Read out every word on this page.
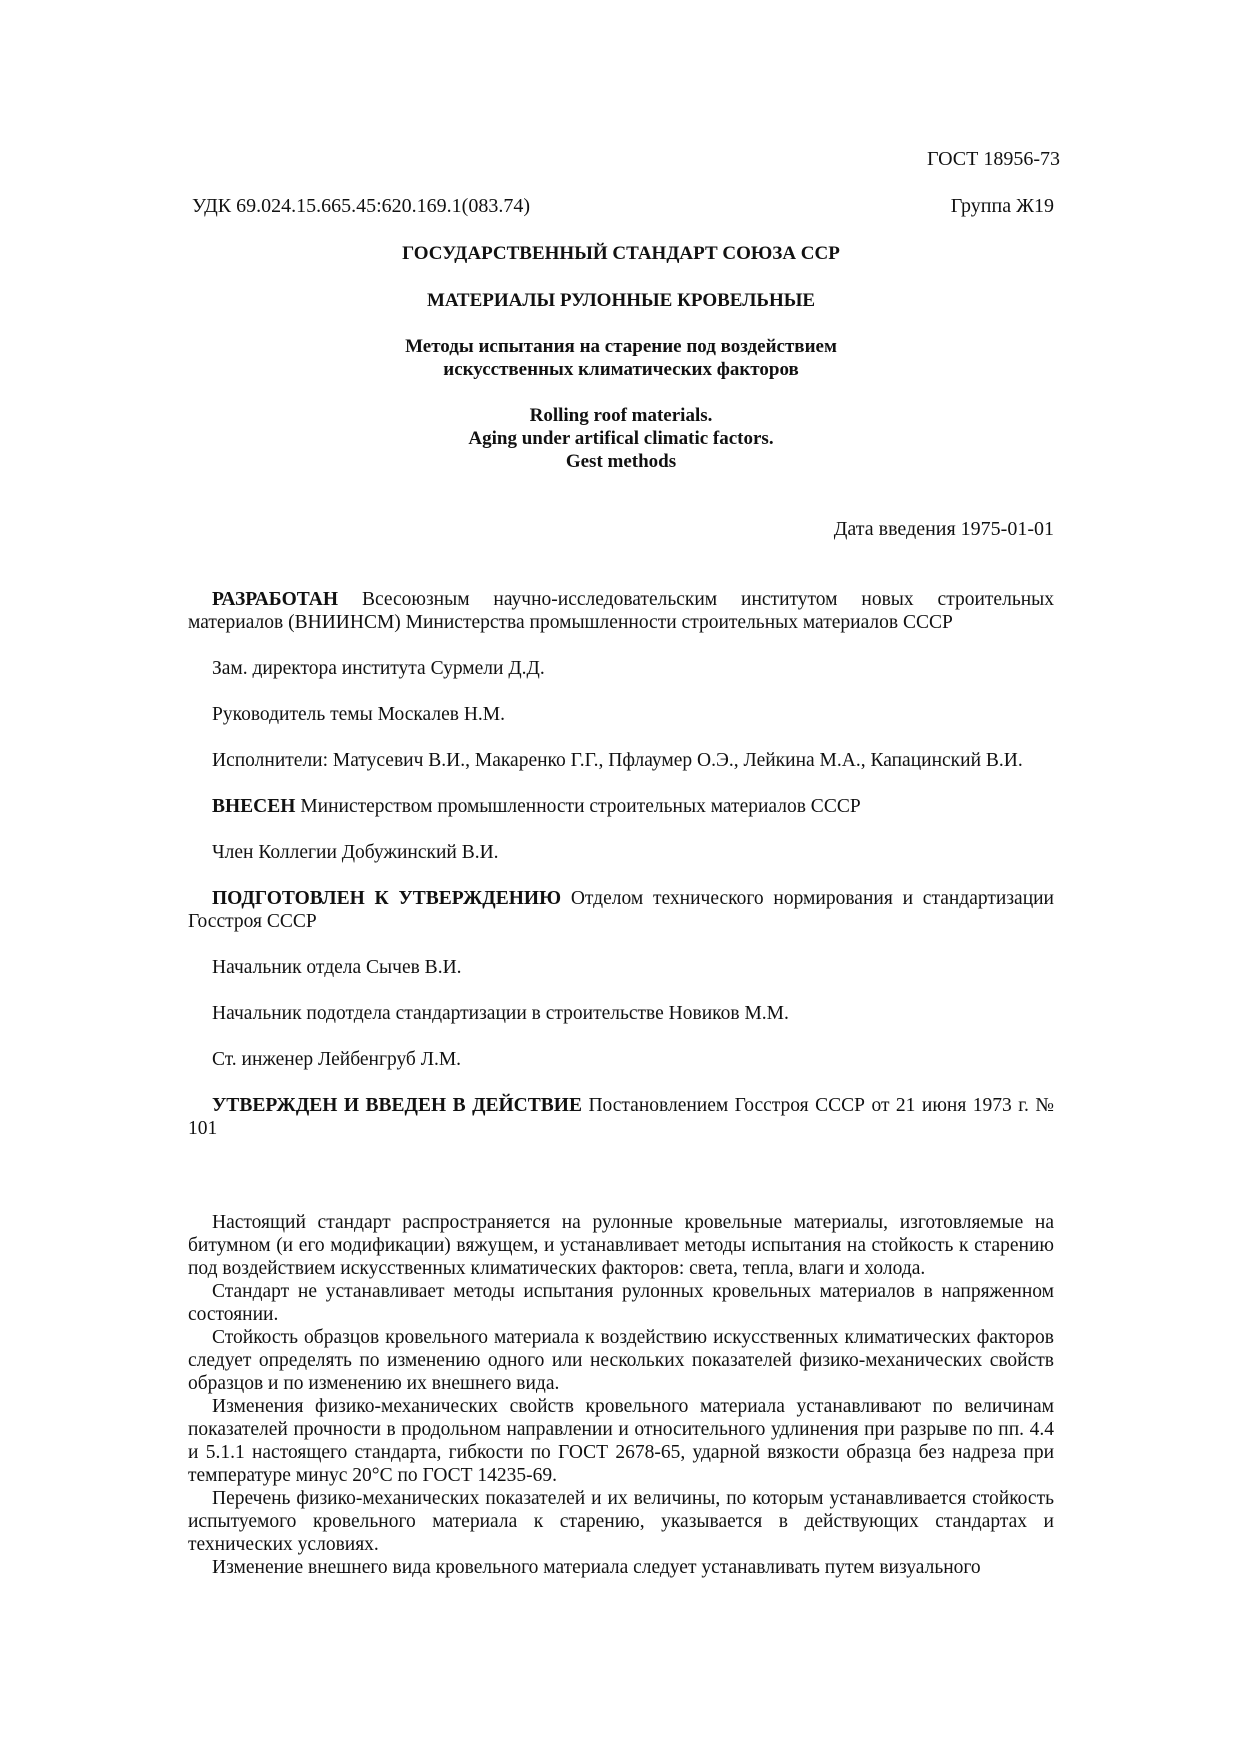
ГОСТ 18956-73
УДК 69.024.15.665.45:620.169.1(083.74)	Группа Ж19
ГОСУДАРСТВЕННЫЙ СТАНДАРТ СОЮЗА ССР
МАТЕРИАЛЫ РУЛОННЫЕ КРОВЕЛЬНЫЕ
Методы испытания на старение под воздействием
искусственных климатических факторов
Rolling roof materials.
Aging under artifical climatic factors.
Gest methods
Дата введения 1975-01-01

РАЗРАБОТАН Всесоюзным научно-исследовательским институтом новых строительных материалов (ВНИИНСМ) Министерства промышленности строительных материалов СССР

Зам. директора института Сурмели Д.Д.

Руководитель темы Москалев Н.М.

Исполнители: Матусевич В.И., Макаренко Г.Г., Пфлаумер О.Э., Лейкина М.А., Капацинский В.И.

ВНЕСЕН Министерством промышленности строительных материалов СССР

Член Коллегии Добужинский В.И.

ПОДГОТОВЛЕН К УТВЕРЖДЕНИЮ Отделом технического нормирования и стандартизации Госстроя СССР

Начальник отдела Сычев В.И.

Начальник подотдела стандартизации в строительстве Новиков М.М.

Ст. инженер Лейбенгруб Л.М.

УТВЕРЖДЕН И ВВЕДЕН В ДЕЙСТВИЕ Постановлением Госстроя СССР от 21 июня 1973 г. № 101

Настоящий стандарт распространяется на рулонные кровельные материалы, изготовляемые на битумном (и его модификации) вяжущем, и устанавливает методы испытания на стойкость к старению под воздействием искусственных климатических факторов: света, тепла, влаги и холода.

Стандарт не устанавливает методы испытания рулонных кровельных материалов в напряженном состоянии.

Стойкость образцов кровельного материала к воздействию искусственных климатических факторов следует определять по изменению одного или нескольких показателей физико-механических свойств образцов и по изменению их внешнего вида.

Изменения физико-механических свойств кровельного материала устанавливают по величинам показателей прочности в продольном направлении и относительного удлинения при разрыве по пп. 4.4 и 5.1.1 настоящего стандарта, гибкости по ГОСТ 2678-65, ударной вязкости образца без надреза при температуре минус 20°С по ГОСТ 14235-69.

Перечень физико-механических показателей и их величины, по которым устанавливается стойкость испытуемого кровельного материала к старению, указывается в действующих стандартах и технических условиях.

Изменение внешнего вида кровельного материала следует устанавливать путем визуального
